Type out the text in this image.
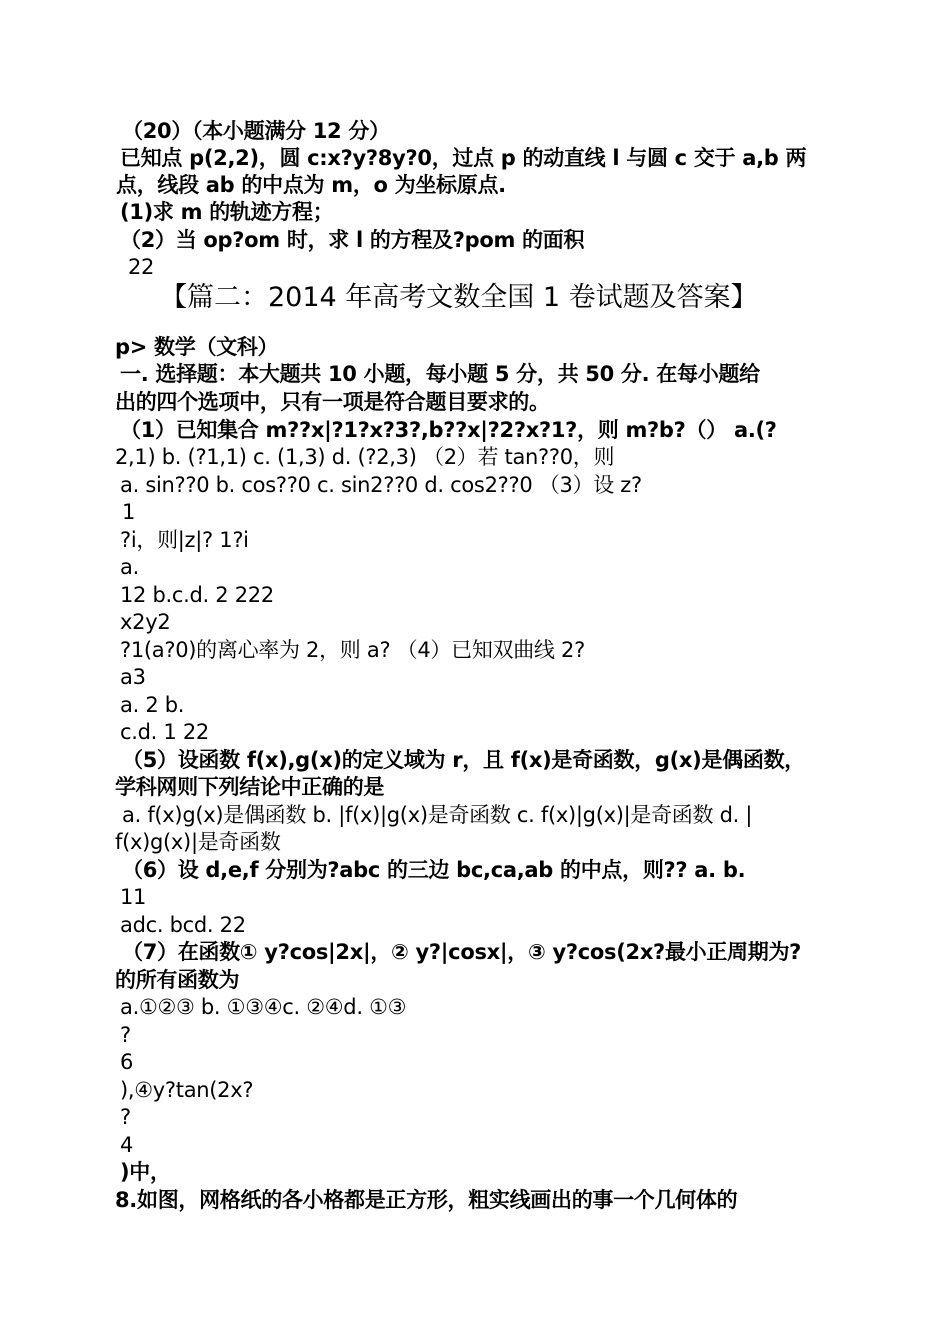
（20）（本小题满分 12 分）
已知点 p(2,2)，圆 c:x?y?8y?0，过点 p 的动直线 l 与圆 c 交于 a,b 两
点，线段 ab 的中点为 m，o 为坐标原点.
(1)求 m 的轨迹方程；
（2）当 op?om 时，求 l 的方程及?pom 的面积
22
【篇二：2014 年高考文数全国 1 卷试题及答案】
p> 数学（文科）
一. 选择题：本大题共 10 小题，每小题 5 分，共 50 分. 在每小题给
出的四个选项中，只有一项是符合题目要求的。
（1）已知集合 m??x|?1?x?3?,b??x|?2?x?1?，则 m?b?（） a.(?
2,1) b. (?1,1) c. (1,3) d. (?2,3) （2）若 tan??0，则
a. sin??0 b. cos??0 c. sin2??0 d. cos2??0 （3）设 z?
1
?i，则|z|? 1?i
a.
12 b.c.d. 2 222
x2y2
?1(a?0)的离心率为 2，则 a? （4）已知双曲线 2?
a3
a. 2 b.
c.d. 1 22
（5）设函数 f(x),g(x)的定义域为 r，且 f(x)是奇函数，g(x)是偶函数，
学科网则下列结论中正确的是
a. f(x)g(x)是偶函数 b. |f(x)|g(x)是奇函数 c. f(x)|g(x)|是奇函数 d. |
f(x)g(x)|是奇函数
（6）设 d,e,f 分别为?abc 的三边 bc,ca,ab 的中点，则?? a. b.
11
adc. bcd. 22
（7）在函数① y?cos|2x|，② y?|cosx|，③ y?cos(2x?最小正周期为?
的所有函数为
a.①②③ b. ①③④c. ②④d. ①③
?
6
),④y?tan(2x?
?
4
)中，
8.如图，网格纸的各小格都是正方形，粗实线画出的事一个几何体的
